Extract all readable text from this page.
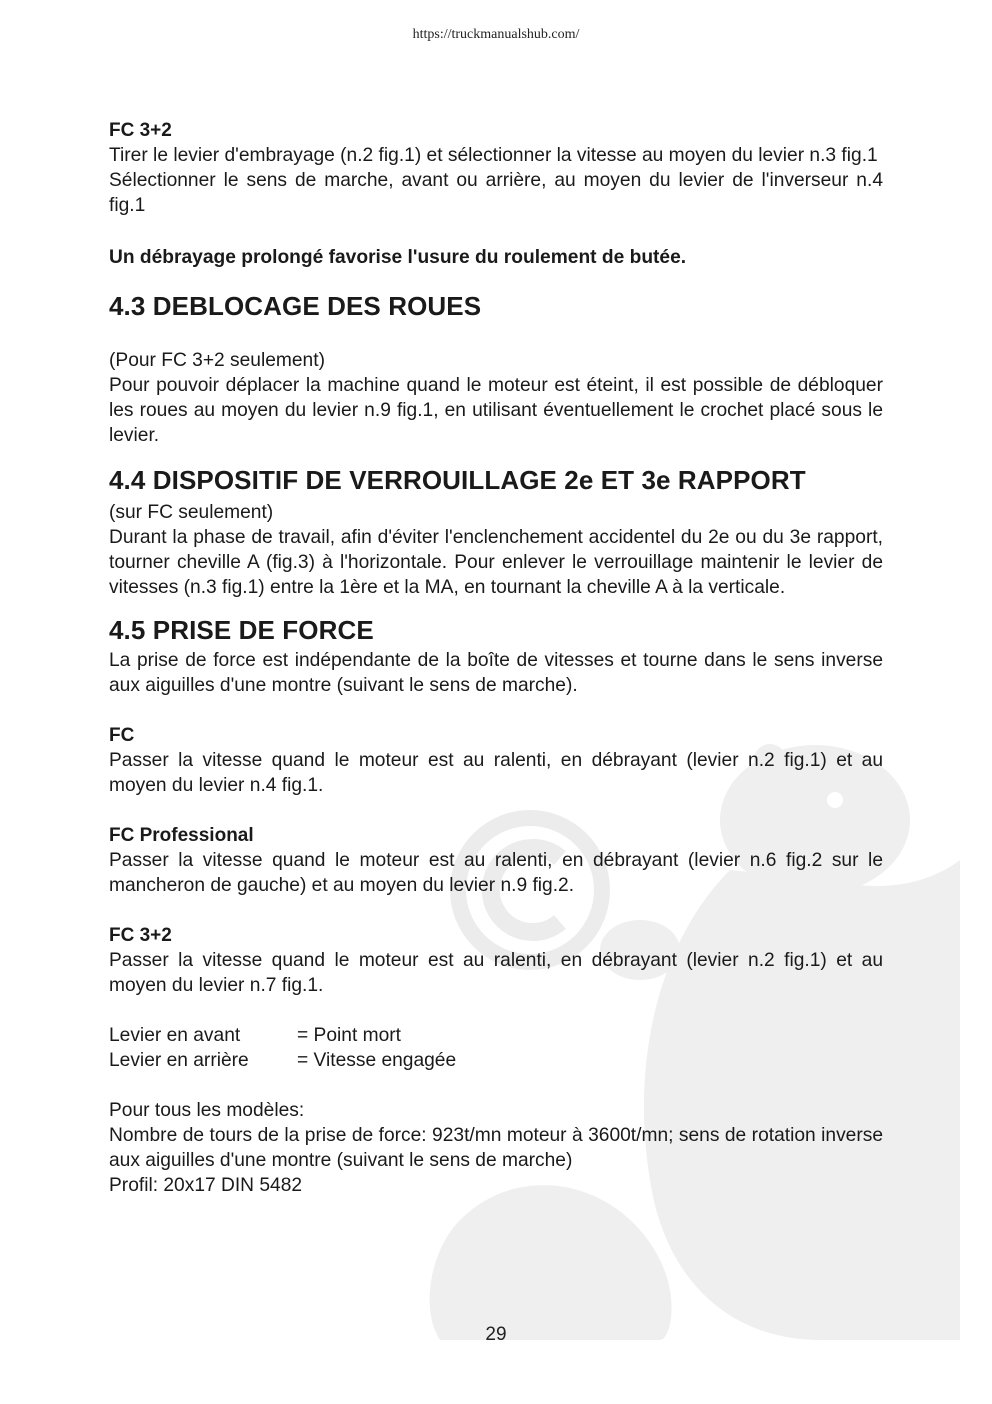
https://truckmanualshub.com/

FC 3+2

Tirer le levier d'embrayage (n.2 fig.1) et sélectionner la vitesse au moyen du levier n.3 fig.1

Sélectionner le sens de marche, avant ou arrière, au moyen du levier de l'inverseur n.4 fig.1

Un débrayage prolongé favorise l'usure du roulement de butée.

4.3 DEBLOCAGE DES ROUES

(Pour FC 3+2 seulement)

Pour pouvoir déplacer la machine quand le moteur est éteint, il est possible de débloquer les roues au moyen du levier n.9 fig.1, en utilisant éventuellement le crochet placé sous le levier.

4.4 DISPOSITIF DE VERROUILLAGE 2e ET 3e RAPPORT

(sur FC seulement)

Durant la phase de travail, afin d'éviter l'enclenchement accidentel du 2e ou du 3e rapport, tourner cheville A (fig.3) à l'horizontale. Pour enlever le verrouillage maintenir le levier de vitesses (n.3 fig.1) entre la 1ère et la MA, en tournant la cheville A à la verticale.

4.5 PRISE DE FORCE

La prise de force est indépendante de la boîte de vitesses et tourne dans le sens inverse aux aiguilles d'une montre (suivant le sens de marche).

FC

Passer la vitesse quand le moteur est au ralenti, en débrayant (levier n.2 fig.1) et au moyen du levier n.4 fig.1.

FC Professional

Passer la vitesse quand le moteur est au ralenti, en débrayant (levier n.6 fig.2 sur le mancheron de gauche) et au moyen du levier n.9 fig.2.

FC 3+2

Passer la vitesse quand le moteur est au ralenti, en débrayant (levier n.2 fig.1) et au moyen du levier n.7 fig.1.

Levier en avant	= Point mort
Levier en arrière	= Vitesse engagée

Pour tous les modèles:

Nombre de tours de la prise de force: 923t/mn moteur à 3600t/mn; sens de rotation inverse aux aiguilles d'une montre (suivant le sens de marche)

Profil: 20x17 DIN 5482

29
